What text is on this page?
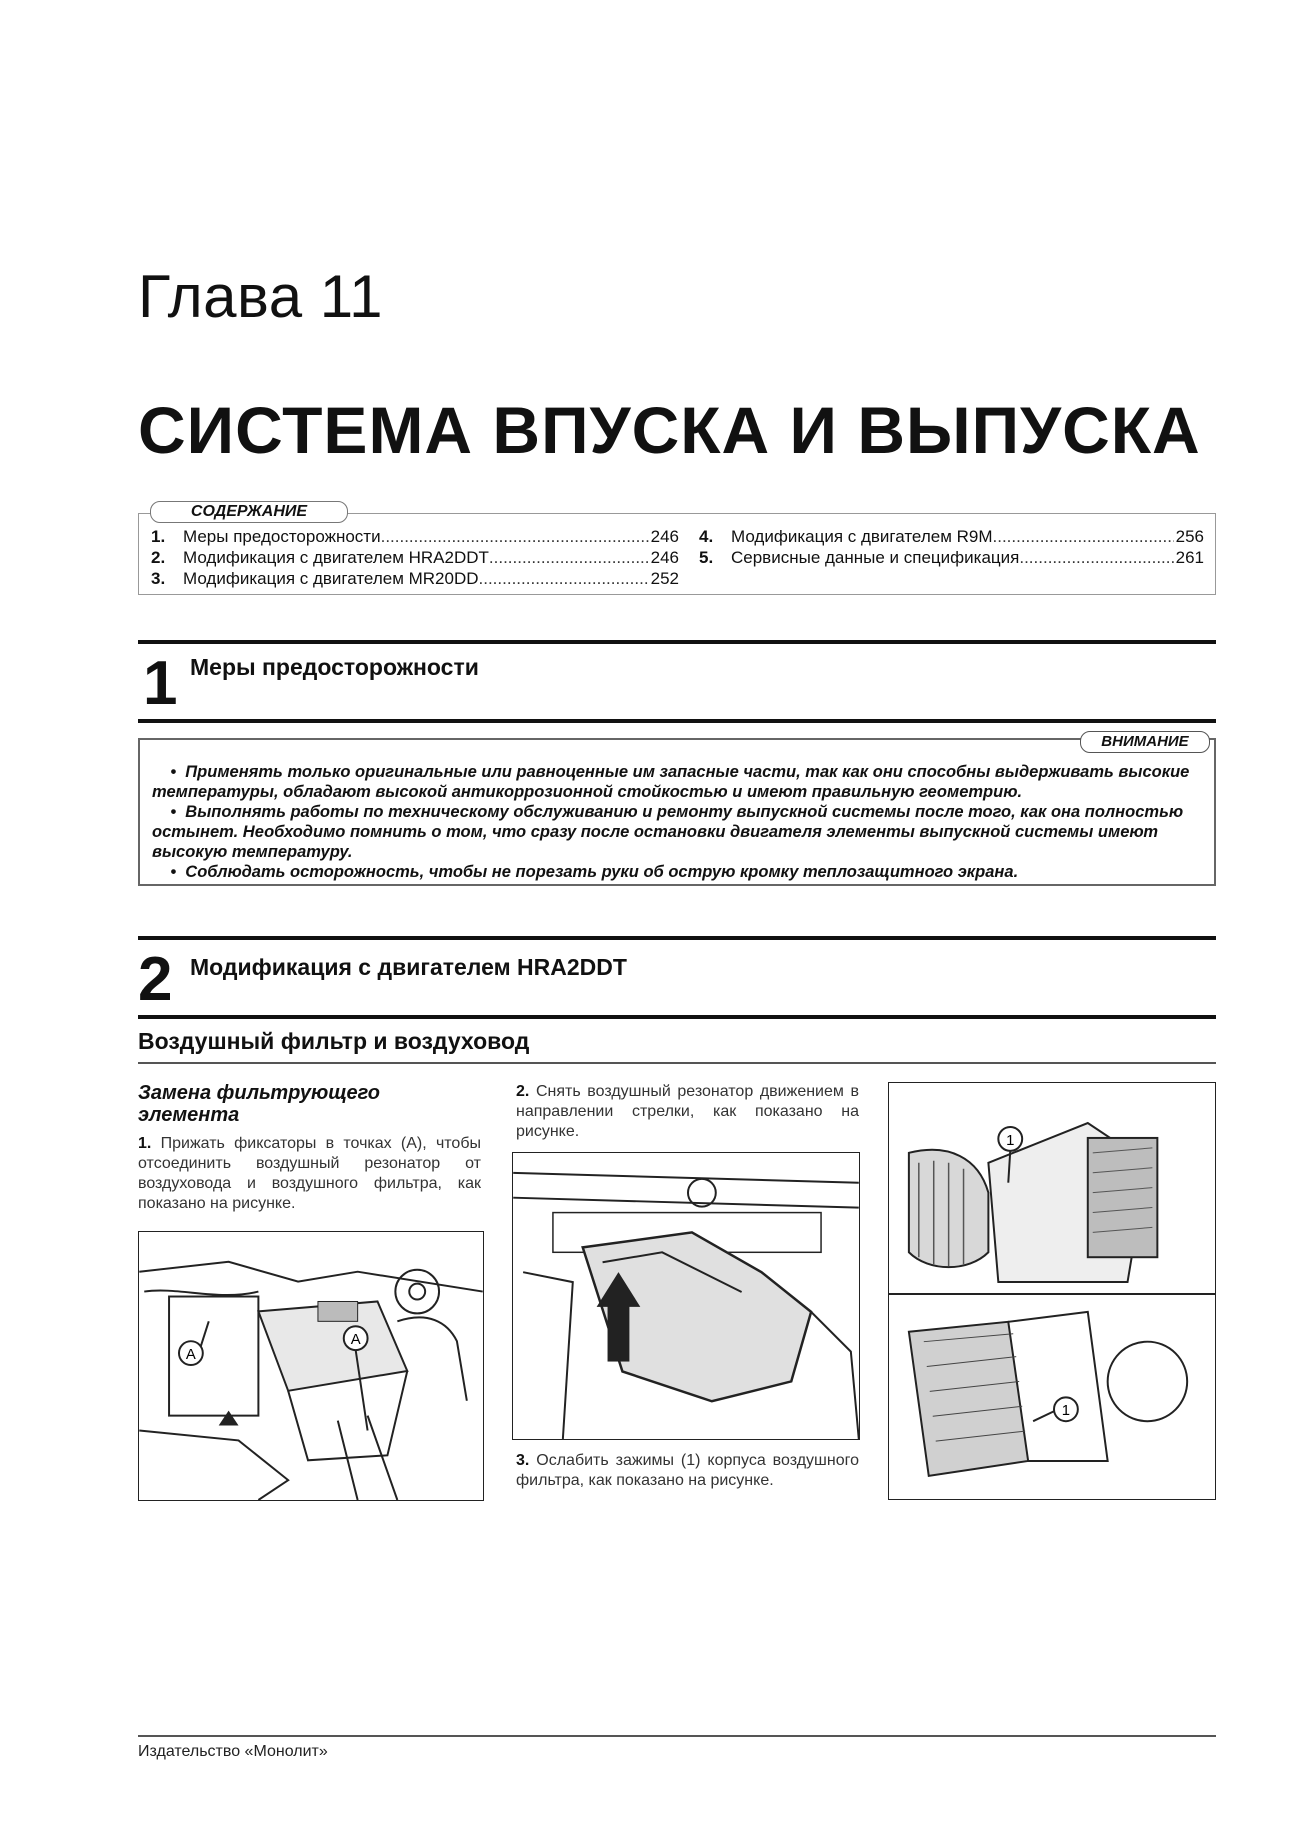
Глава 11
СИСТЕМА ВПУСКА И ВЫПУСКА
1.	Меры предосторожности .....	246
2.	Модификация с двигателем HRA2DDT .....	246
3.	Модификация с двигателем MR20DD .....	252
4.	Модификация с двигателем R9M .....	256
5.	Сервисные данные и спецификация .....	261
СОДЕРЖАНИЕ
1 Меры предосторожности

•  Применять только оригинальные или равноценные им запасные части, так как они способны выдерживать высокие температуры, обладают высокой антикоррозионной стойкостью и имеют правильную геометрию.

•  Выполнять работы по техническому обслуживанию и ремонту выпускной системы после того, как она полностью остынет. Необходимо помнить о том, что сразу после остановки двигателя элементы выпускной системы имеют высокую температуру.

•  Соблюдать осторожность, чтобы не порезать руки об острую кромку теплозащитного экрана.

ВНИМАНИЕ
2 Модификация с двигателем HRA2DDT
Воздушный фильтр и воздуховод
Замена фильтрующего элемента
1. Прижать фиксаторы в точках (А), чтобы отсоединить воздушный резонатор от воздуховода и воздушного фильтра, как показано на рисунке.
A
A
2. Снять воздушный резонатор движением в направлении стрелки, как показано на рисунке.
3. Ослабить зажимы (1) корпуса воздушного фильтра, как показано на рисунке.
1
1
Издательство «Монолит»
